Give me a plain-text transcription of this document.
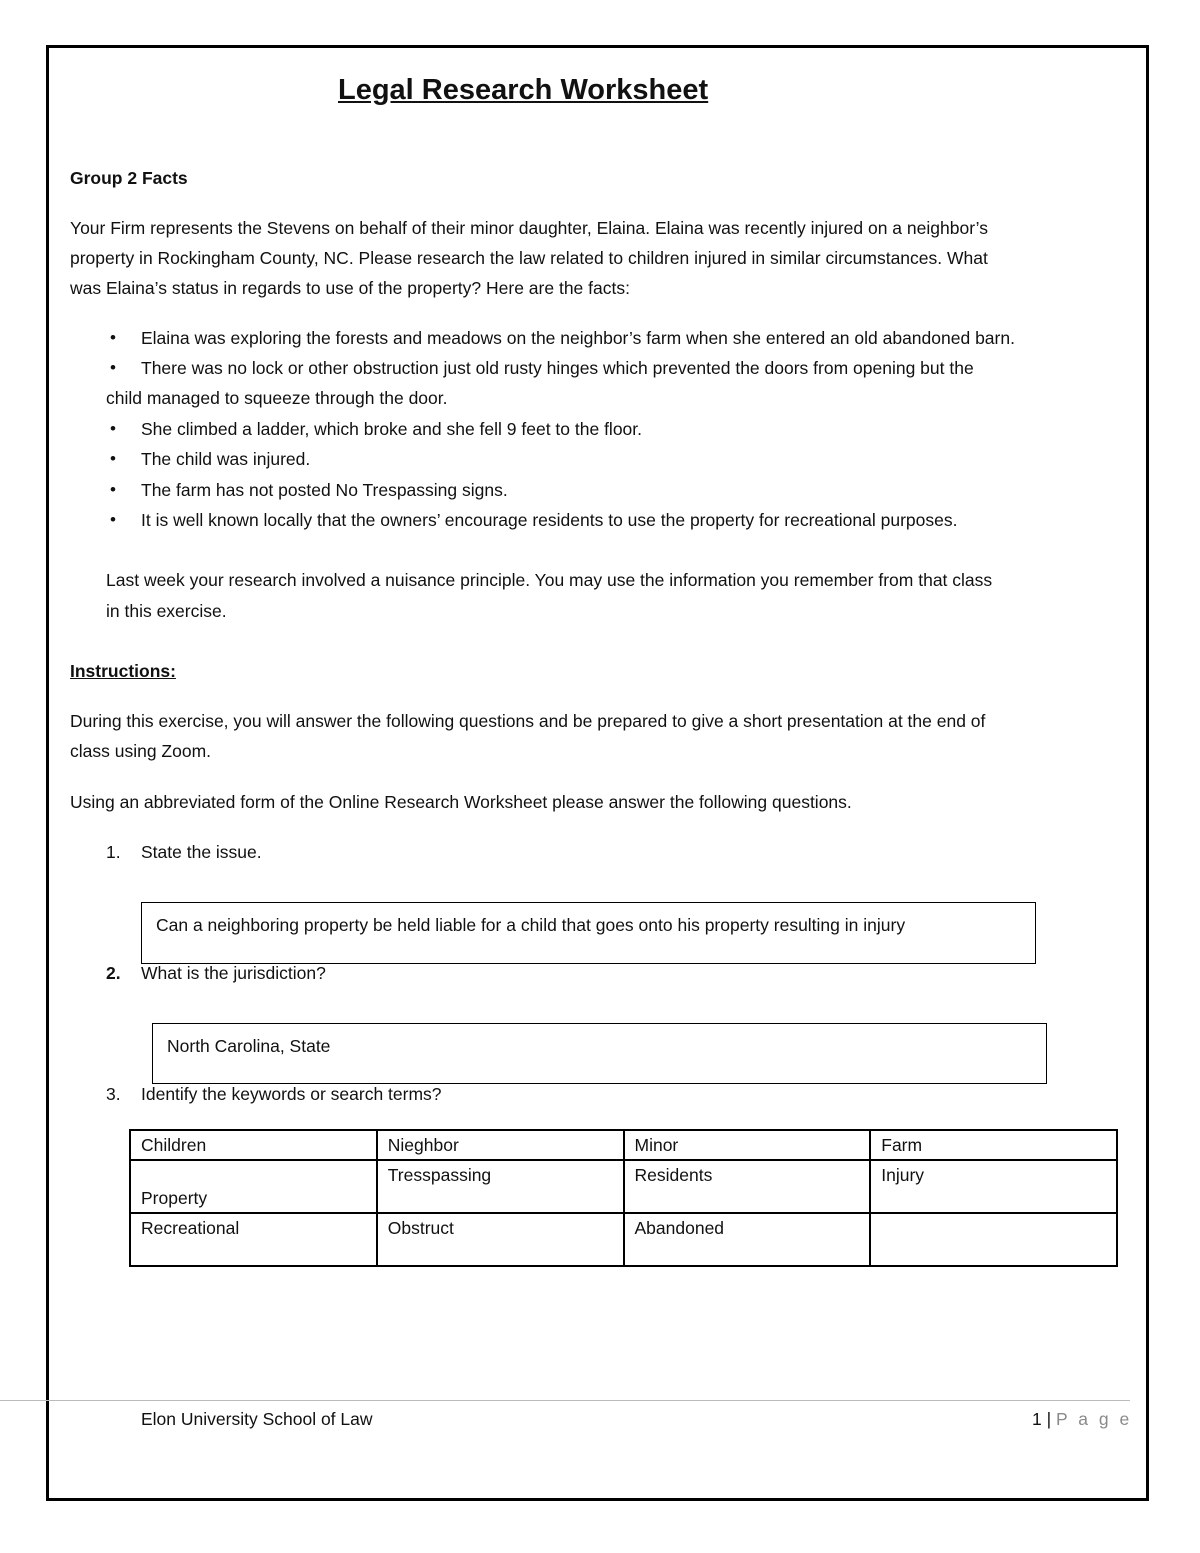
Legal Research Worksheet
Group 2 Facts
Your Firm represents the Stevens on behalf of their minor daughter, Elaina. Elaina was recently injured on a neighbor’s
property in Rockingham County, NC. Please research the law related to children injured in similar circumstances. What
was Elaina’s status in regards to use of the property? Here are the facts:
• Elaina was exploring the forests and meadows on the neighbor’s farm when she entered an old abandoned barn.
• There was no lock or other obstruction just old rusty hinges which prevented the doors from opening but the
child managed to squeeze through the door.
• She climbed a ladder, which broke and she fell 9 feet to the floor.
• The child was injured.
• The farm has not posted No Trespassing signs.
• It is well known locally that the owners’ encourage residents to use the property for recreational purposes.
Last week your research involved a nuisance principle. You may use the information you remember from that class
in this exercise.
Instructions:
During this exercise, you will answer the following questions and be prepared to give a short presentation at the end of
class using Zoom.
Using an abbreviated form of the Online Research Worksheet please answer the following questions.
1. State the issue.
Can a neighboring property be held liable for a child that goes onto his property resulting in injury
2. What is the jurisdiction?
North Carolina, State
3. Identify the keywords or search terms?
Children	Nieghbor	Minor	Farm
Property	Tresspassing	Residents	Injury
Recreational	Obstruct	Abandoned	
Elon University School of Law	1 | P a g e
